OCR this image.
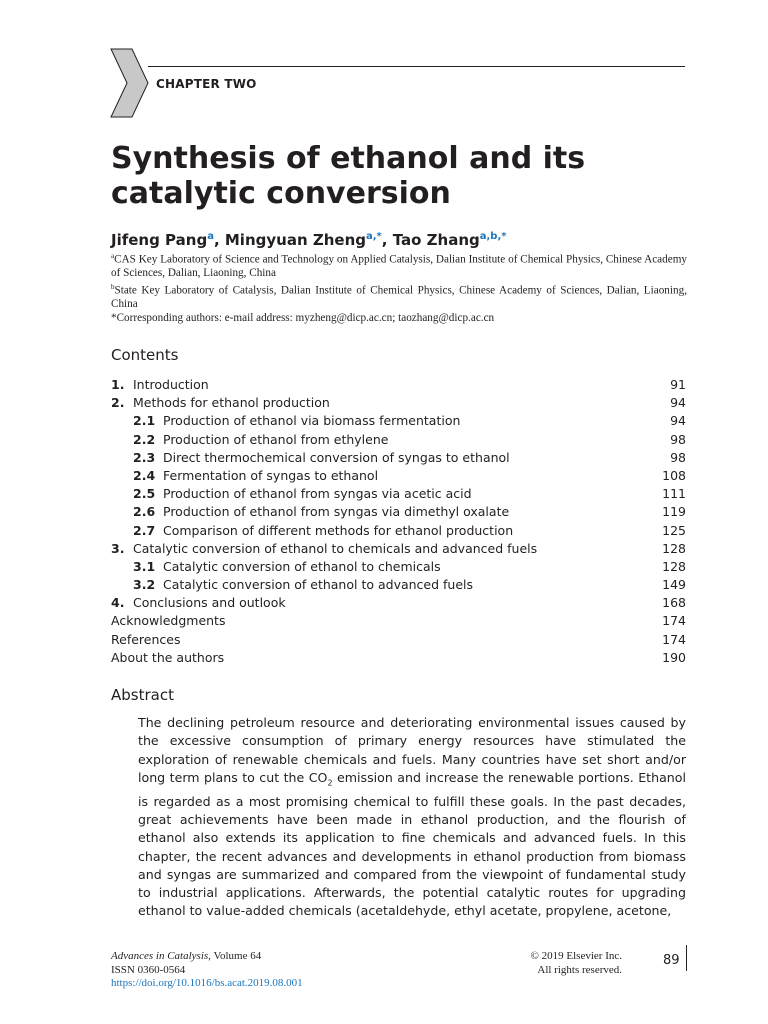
CHAPTER TWO
Synthesis of ethanol and its catalytic conversion
Jifeng Pang$^a$, Mingyuan Zheng$^{a,*}$, Tao Zhang$^{a,b,*}$

$^a$CAS Key Laboratory of Science and Technology on Applied Catalysis, Dalian Institute of Chemical Physics, Chinese Academy of Sciences, Dalian, Liaoning, China

$^b$State Key Laboratory of Catalysis, Dalian Institute of Chemical Physics, Chinese Academy of Sciences, Dalian, Liaoning, China

*Corresponding authors: e-mail address: myzheng@dicp.ac.cn; taozhang@dicp.ac.cn

Contents
1. Introduction	91
2. Methods for ethanol production	94
2.1 Production of ethanol via biomass fermentation	94
2.2 Production of ethanol from ethylene	98
2.3 Direct thermochemical conversion of syngas to ethanol	98
2.4 Fermentation of syngas to ethanol	108
2.5 Production of ethanol from syngas via acetic acid	111
2.6 Production of ethanol from syngas via dimethyl oxalate	119
2.7 Comparison of different methods for ethanol production	125
3. Catalytic conversion of ethanol to chemicals and advanced fuels	128
3.1 Catalytic conversion of ethanol to chemicals	128
3.2 Catalytic conversion of ethanol to advanced fuels	149
4. Conclusions and outlook	168
Acknowledgments	174
References	174
About the authors	190
Abstract

The declining petroleum resource and deteriorating environmental issues caused by the excessive consumption of primary energy resources have stimulated the exploration of renewable chemicals and fuels. Many countries have set short and/or long term plans to cut the $CO_2$ emission and increase the renewable portions. Ethanol is regarded as a most promising chemical to fulfill these goals. In the past decades, great achievements have been made in ethanol production, and the flourish of ethanol also extends its application to fine chemicals and advanced fuels. In this chapter, the recent advances and developments in ethanol production from biomass and syngas are summarized and compared from the viewpoint of fundamental study to industrial applications. Afterwards, the potential catalytic routes for upgrading ethanol to value-added chemicals (acetaldehyde, ethyl acetate, propylene, acetone,

Advances in Catalysis, Volume 64
ISSN 0360-0564
https://doi.org/10.1016/bs.acat.2019.08.001
© 2019 Elsevier Inc.
All rights reserved.
89
